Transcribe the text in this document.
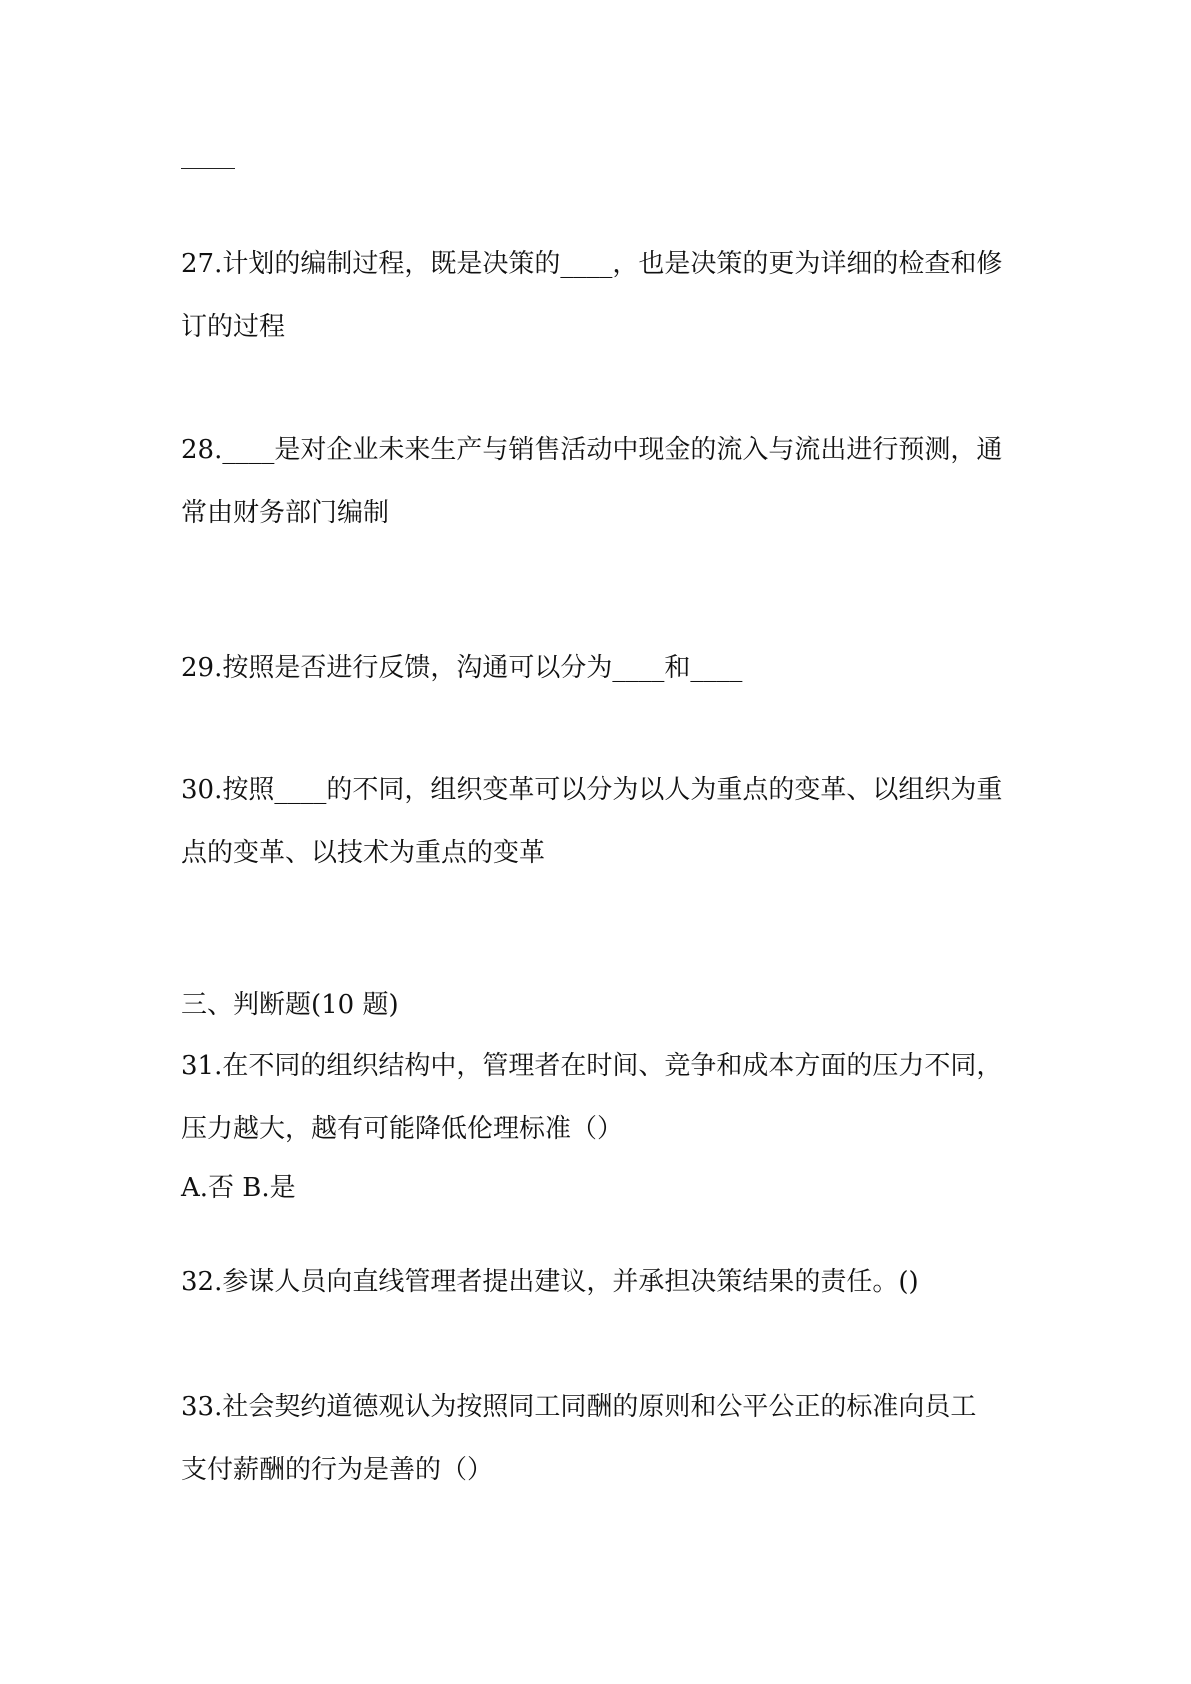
27.计划的编制过程，既是决策的____，也是决策的更为详细的检查和修
订的过程
28.____是对企业未来生产与销售活动中现金的流入与流出进行预测，通
常由财务部门编制
29.按照是否进行反馈，沟通可以分为____和____
30.按照____的不同，组织变革可以分为以人为重点的变革、以组织为重
点的变革、以技术为重点的变革
三、判断题(10 题)
31.在不同的组织结构中，管理者在时间、竞争和成本方面的压力不同，
压力越大，越有可能降低伦理标准（）
A.否 B.是
32.参谋人员向直线管理者提出建议，并承担决策结果的责任。()
33.社会契约道德观认为按照同工同酬的原则和公平公正的标准向员工
支付薪酬的行为是善的（）
